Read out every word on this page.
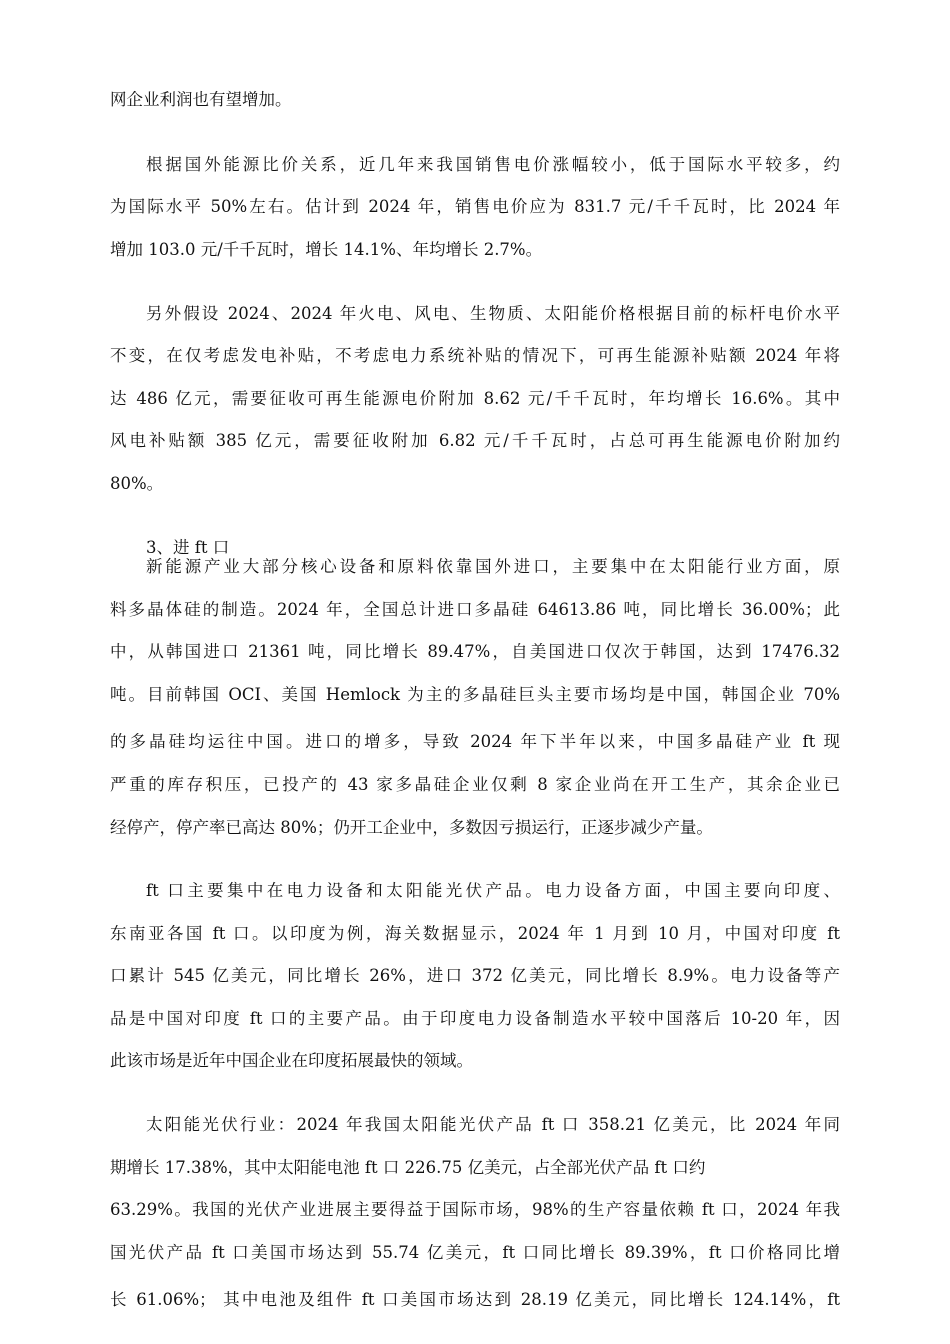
网企业利润也有望增加。
根据国外能源比价关系，近几年来我国销售电价涨幅较小，低于国际水平较多，约
为国际水平 50%左右。估计到 2024 年，销售电价应为 831.7 元/千千瓦时，比 2024 年
增加 103.0 元/千千瓦时，增长 14.1%、年均增长 2.7%。
另外假设 2024、2024 年火电、风电、生物质、太阳能价格根据目前的标杆电价水平
不变，在仅考虑发电补贴，不考虑电力系统补贴的情况下，可再生能源补贴额 2024 年将
达 486 亿元，需要征收可再生能源电价附加 8.62 元/千千瓦时，年均增长 16.6%。其中
风电补贴额 385 亿元，需要征收附加 6.82 元/千千瓦时，占总可再生能源电价附加约
80%。
3、进 ft 口
新能源产业大部分核心设备和原料依靠国外进口，主要集中在太阳能行业方面，原
料多晶体硅的制造。2024 年，全国总计进口多晶硅 64613.86 吨，同比增长 36.00%；此
中，从韩国进口 21361 吨，同比增长 89.47%，自美国进口仅次于韩国，达到 17476.32
吨。目前韩国 OCI、美国 Hemlock 为主的多晶硅巨头主要市场均是中国，韩国企业 70%
的多晶硅均运往中国。进口的增多，导致 2024 年下半年以来，中国多晶硅产业 ft 现
严重的库存积压，已投产的 43 家多晶硅企业仅剩 8 家企业尚在开工生产，其余企业已
经停产，停产率已高达 80%；仍开工企业中，多数因亏损运行，正逐步减少产量。
ft 口主要集中在电力设备和太阳能光伏产品。电力设备方面，中国主要向印度、
东南亚各国 ft 口。以印度为例，海关数据显示，2024 年 1 月到 10 月，中国对印度 ft
口累计 545 亿美元，同比增长 26%，进口 372 亿美元，同比增长 8.9%。电力设备等产
品是中国对印度 ft 口的主要产品。由于印度电力设备制造水平较中国落后 10-20 年，因
此该市场是近年中国企业在印度拓展最快的领域。
太阳能光伏行业：2024 年我国太阳能光伏产品 ft 口 358.21 亿美元，比 2024 年同
期增长 17.38%，其中太阳能电池 ft 口 226.75 亿美元，占全部光伏产品 ft 口约
63.29%。我国的光伏产业进展主要得益于国际市场，98%的生产容量依赖 ft 口，2024 年我
国光伏产品 ft 口美国市场达到 55.74 亿美元，ft 口同比增长 89.39%，ft 口价格同比增
长 61.06%； 其中电池及组件 ft 口美国市场达到 28.19 亿美元，同比增长 124.14%，ft
